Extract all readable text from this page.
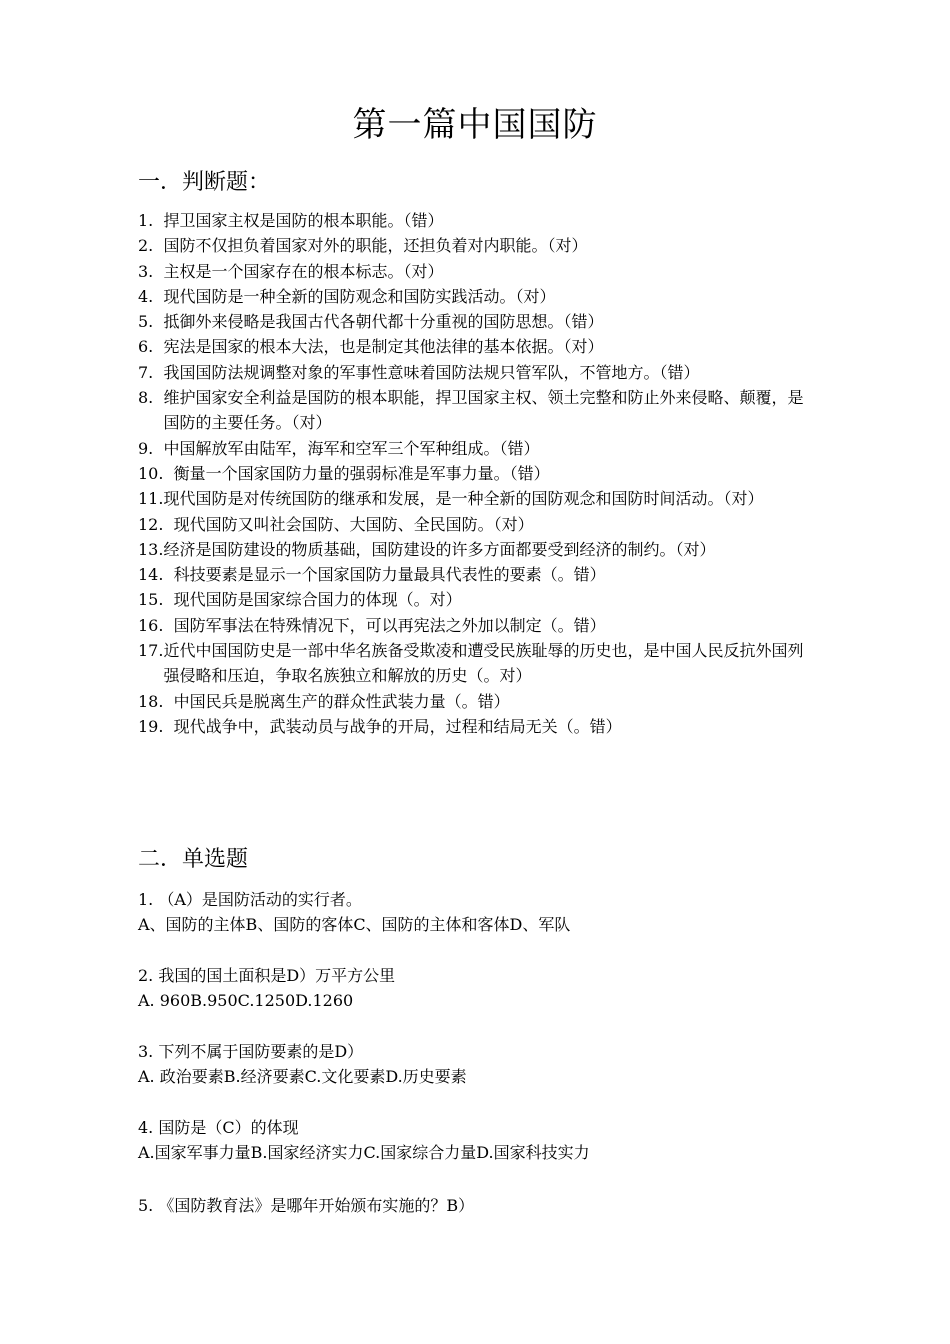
第一篇中国国防
一．判断题：
1. 捍卫国家主权是国防的根本职能。（错）
2. 国防不仅担负着国家对外的职能，还担负着对内职能。（对）
3. 主权是一个国家存在的根本标志。（对）
4. 现代国防是一种全新的国防观念和国防实践活动。（对）
5. 抵御外来侵略是我国古代各朝代都十分重视的国防思想。（错）
6. 宪法是国家的根本大法，也是制定其他法律的基本依据。（对）
7.  我国国防法规调整对象的军事性意味着国防法规只管军队，不管地方。（错）
8. 维护国家安全利益是国防的根本职能，捍卫国家主权、领土完整和防止外来侵略、颠覆，是国防的主要任务。（对）
9. 中国解放军由陆军，海军和空军三个军种组成。（错）
10. 衡量一个国家国防力量的强弱标准是军事力量。（错）
11. 现代国防是对传统国防的继承和发展，是一种全新的国防观念和国防时间活动。（对）
12. 现代国防又叫社会国防、大国防、全民国防。（对）
13. 经济是国防建设的物质基础，国防建设的许多方面都要受到经济的制约。（对）
14. 科技要素是显示一个国家国防力量最具代表性的要素（。错）
15. 现代国防是国家综合国力的体现（。对）
16. 国防军事法在特殊情况下，可以再宪法之外加以制定（。错）
17. 近代中国国防史是一部中华名族备受欺凌和遭受民族耻辱的历史也，是中国人民反抗外国列强侵略和压迫，争取名族独立和解放的历史（。对）
18. 中国民兵是脱离生产的群众性武装力量（。错）
19. 现代战争中，武装动员与战争的开局，过程和结局无关（。错）
二．单选题
1. （A）是国防活动的实行者。
A、国防的主体B、国防的客体C、国防的主体和客体D、军队
2. 我国的国土面积是D）万平方公里
A. 960B.950C.1250D.1260
3. 下列不属于国防要素的是D）
A. 政治要素B.经济要素C.文化要素D.历史要素
4. 国防是（C）的体现
A.国家军事力量B.国家经济实力C.国家综合力量D.国家科技实力
5. 《国防教育法》是哪年开始颁布实施的？B）
